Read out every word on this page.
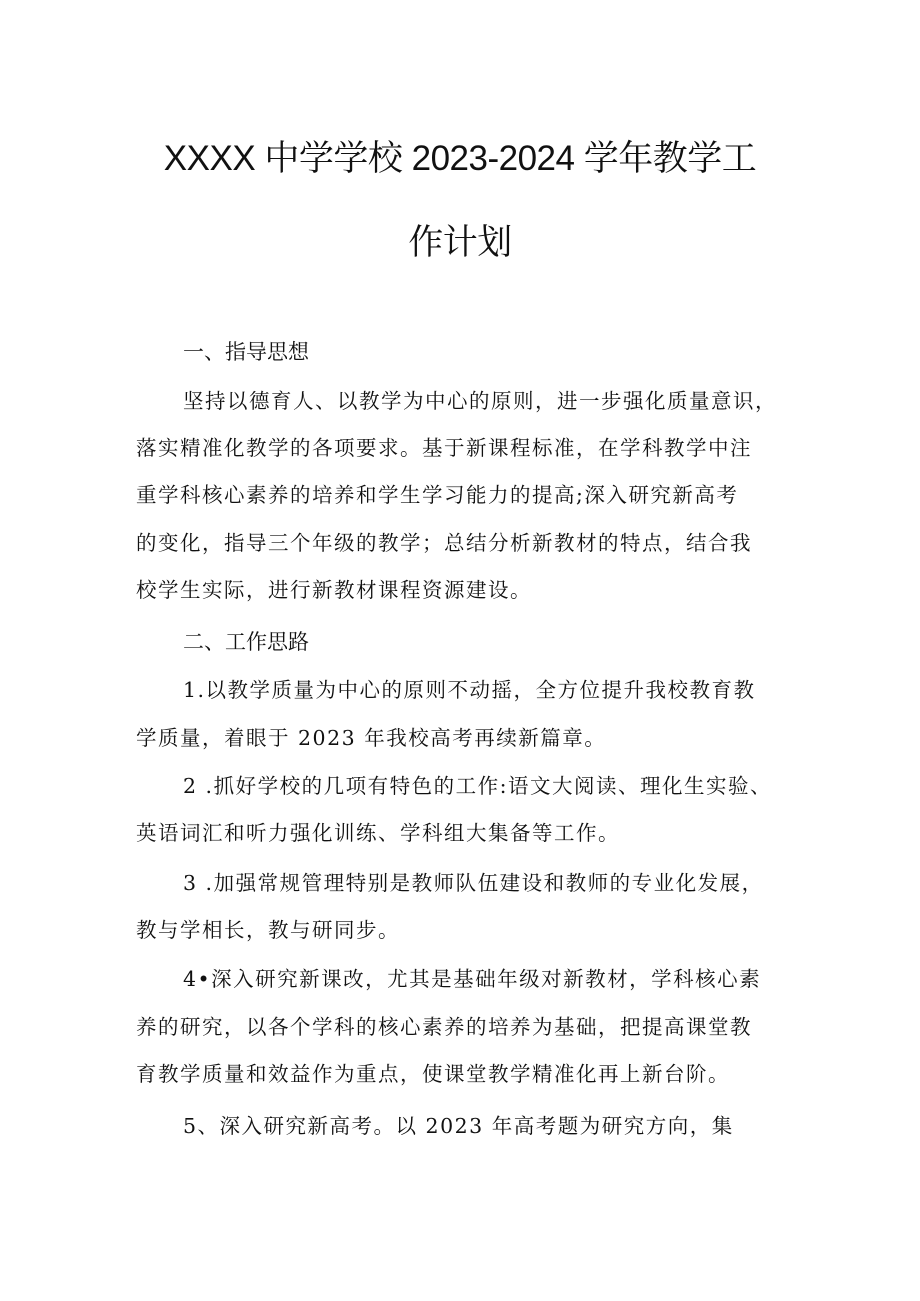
XXXX 中学学校 2023-2024 学年教学工
作计划
一、指导思想
坚持以德育人、以教学为中心的原则，进一步强化质量意识，
落实精准化教学的各项要求。基于新课程标准，在学科教学中注
重学科核心素养的培养和学生学习能力的提高;深入研究新高考
的变化，指导三个年级的教学；总结分析新教材的特点，结合我
校学生实际，进行新教材课程资源建设。
二、工作思路
1.以教学质量为中心的原则不动摇，全方位提升我校教育教
学质量，着眼于 2023 年我校高考再续新篇章。
2 .抓好学校的几项有特色的工作:语文大阅读、理化生实验、
英语词汇和听力强化训练、学科组大集备等工作。
3 .加强常规管理特别是教师队伍建设和教师的专业化发展，
教与学相长，教与研同步。
4•深入研究新课改，尤其是基础年级对新教材，学科核心素
养的研究，以各个学科的核心素养的培养为基础，把提高课堂教
育教学质量和效益作为重点，使课堂教学精准化再上新台阶。
5、深入研究新高考。以 2023 年高考题为研究方向，集
